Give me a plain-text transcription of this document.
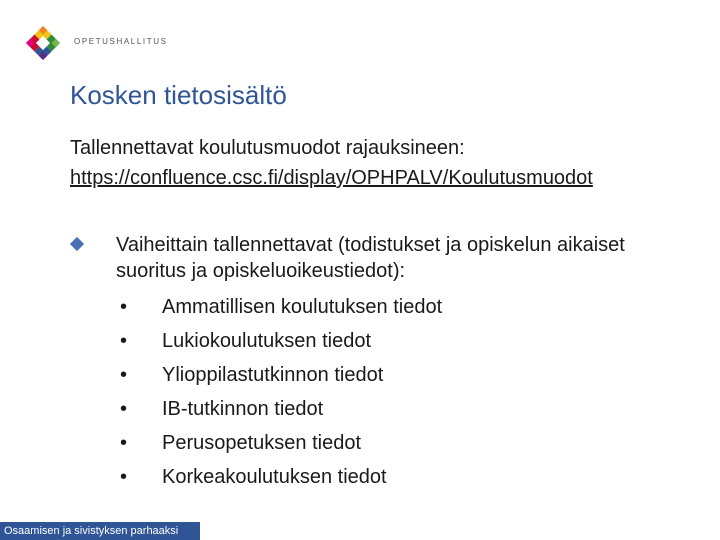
OPETUSHALLITUS
Kosken tietosisältö
Tallennettavat koulutusmuodot rajauksineen:
https://confluence.csc.fi/display/OPHPALV/Koulutusmuodot
Vaiheittain tallennettavat (todistukset ja opiskelun aikaiset suoritus ja opiskeluoikeustiedot):
• Ammatillisen koulutuksen tiedot
• Lukiokoulutuksen tiedot
• Ylioppilastutkinnon tiedot
• IB-tutkinnon tiedot
• Perusopetuksen tiedot
• Korkeakoulutuksen tiedot
Osaamisen ja sivistyksen parhaaksi
